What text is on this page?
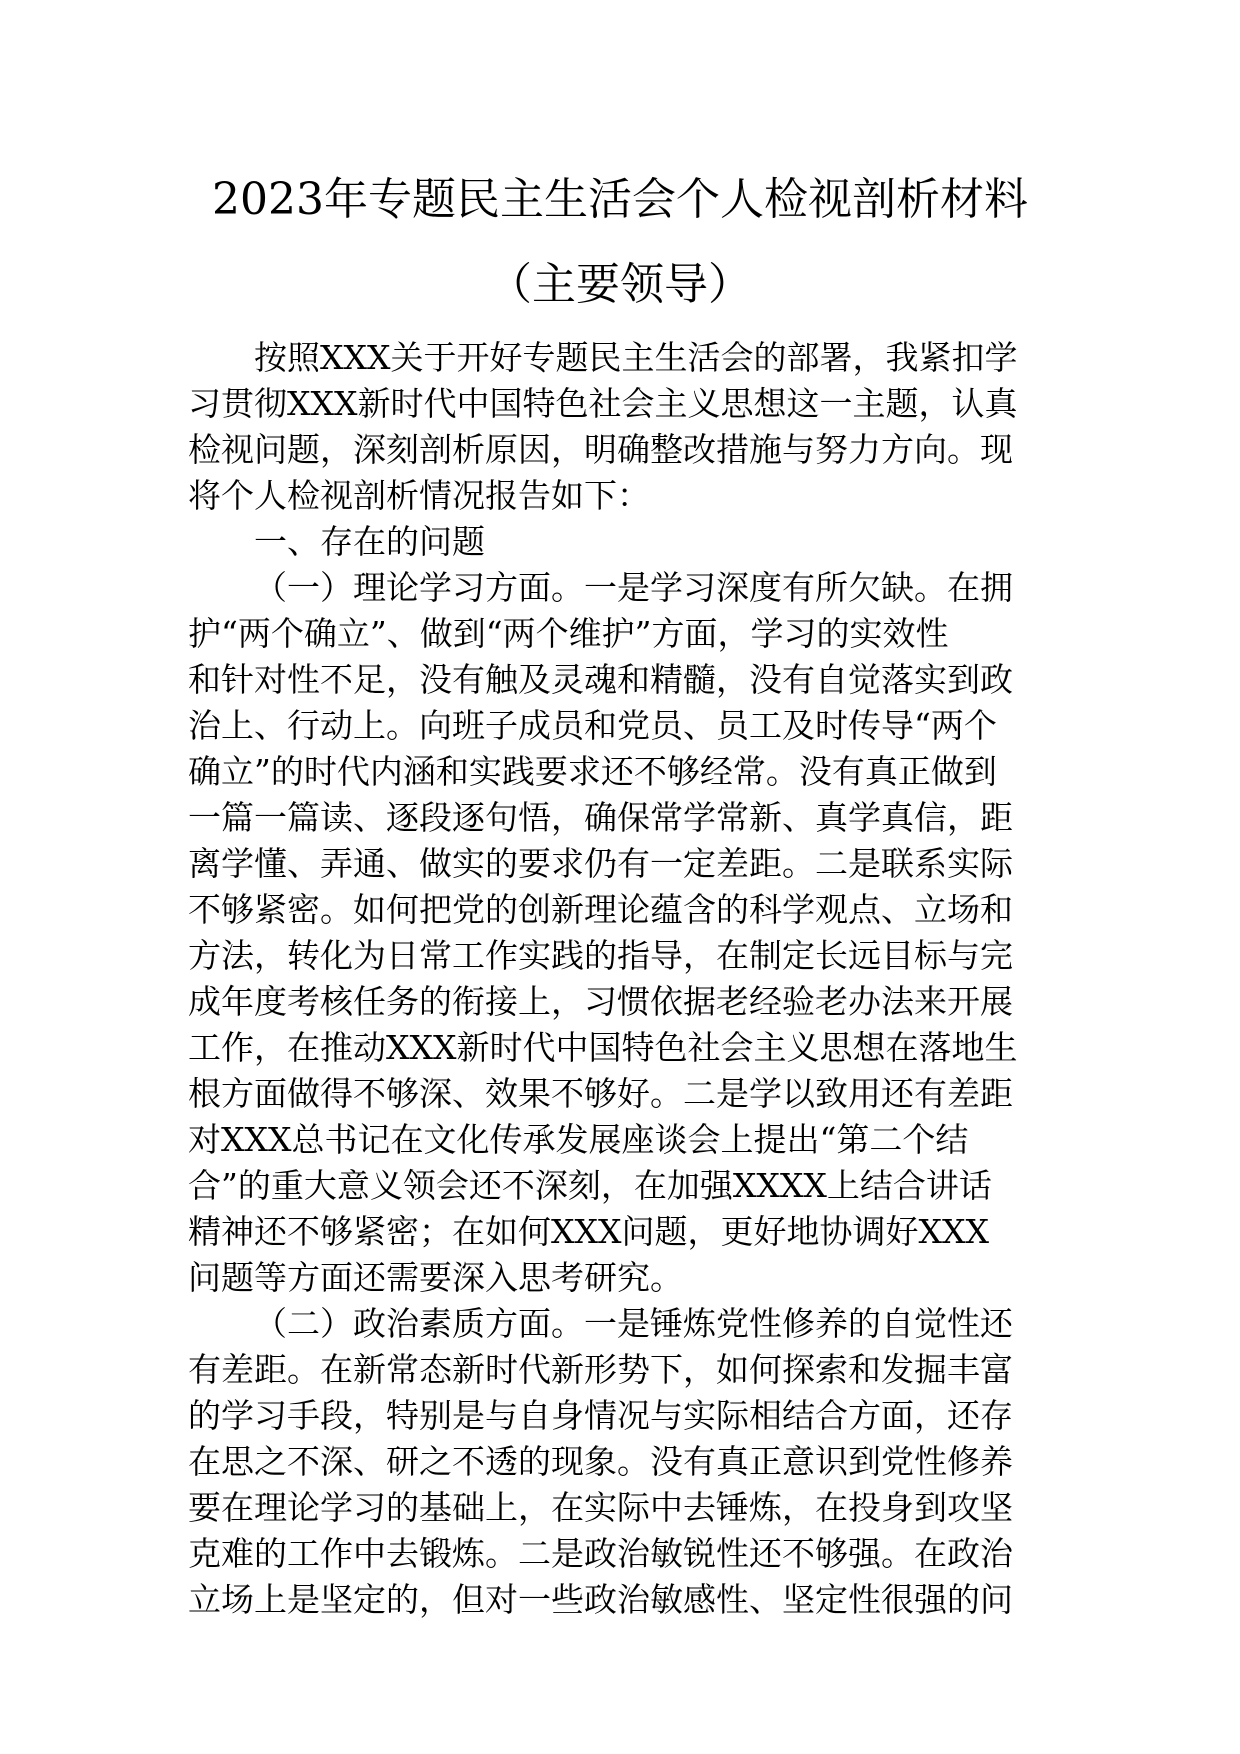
2023年专题民主生活会个人检视剖析材料
（主要领导）
按照XXX关于开好专题民主生活会的部署，我紧扣学
习贯彻XXX新时代中国特色社会主义思想这一主题，认真
检视问题，深刻剖析原因，明确整改措施与努力方向。现
将个人检视剖析情况报告如下：
一、存在的问题
（一）理论学习方面。一是学习深度有所欠缺。在拥
护“两个确立”、做到“两个维护”方面，学习的实效性
和针对性不足，没有触及灵魂和精髓，没有自觉落实到政
治上、行动上。向班子成员和党员、员工及时传导“两个
确立”的时代内涵和实践要求还不够经常。没有真正做到
一篇一篇读、逐段逐句悟，确保常学常新、真学真信，距
离学懂、弄通、做实的要求仍有一定差距。二是联系实际
不够紧密。如何把党的创新理论蕴含的科学观点、立场和
方法，转化为日常工作实践的指导，在制定长远目标与完
成年度考核任务的衔接上，习惯依据老经验老办法来开展
工作，在推动XXX新时代中国特色社会主义思想在落地生
根方面做得不够深、效果不够好。二是学以致用还有差距
对XXX总书记在文化传承发展座谈会上提出“第二个结
合”的重大意义领会还不深刻，在加强XXXX上结合讲话
精神还不够紧密；在如何XXX问题，更好地协调好XXX
问题等方面还需要深入思考研究。
（二）政治素质方面。一是锤炼党性修养的自觉性还
有差距。在新常态新时代新形势下，如何探索和发掘丰富
的学习手段，特别是与自身情况与实际相结合方面，还存
在思之不深、研之不透的现象。没有真正意识到党性修养
要在理论学习的基础上，在实际中去锤炼，在投身到攻坚
克难的工作中去锻炼。二是政治敏锐性还不够强。在政治
立场上是坚定的，但对一些政治敏感性、坚定性很强的问
